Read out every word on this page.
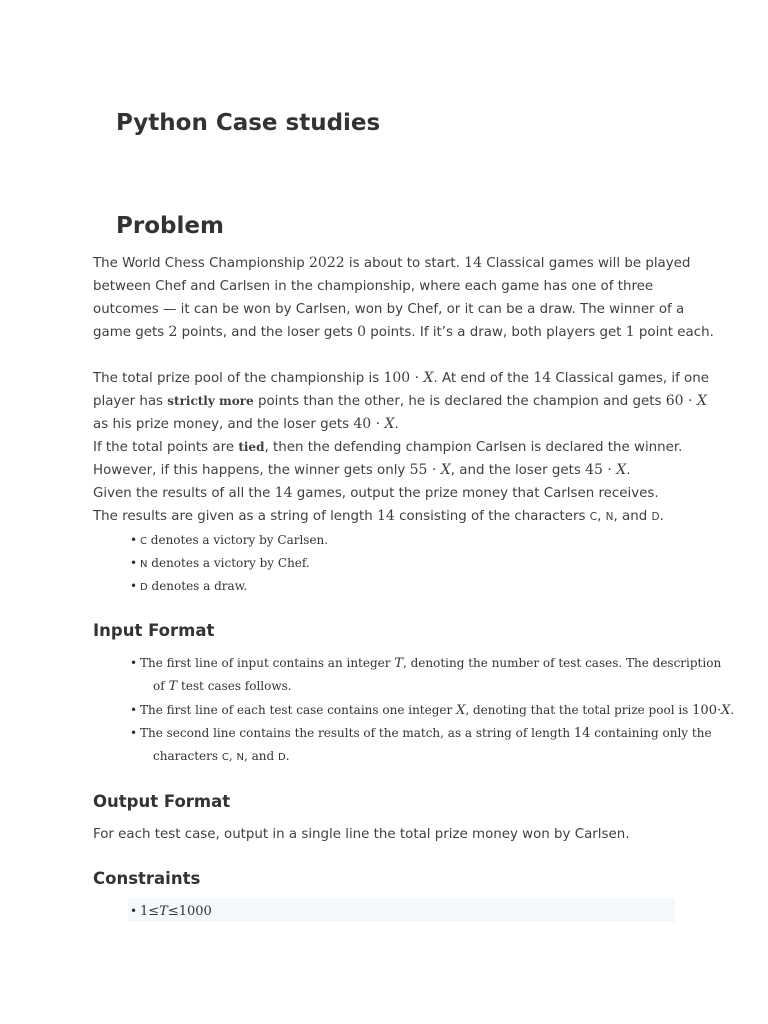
Python Case studies
Problem
The World Chess Championship 2022 is about to start. 14 Classical games will be played
between Chef and Carlsen in the championship, where each game has one of three
outcomes — it can be won by Carlsen, won by Chef, or it can be a draw. The winner of a
game gets 2 points, and the loser gets 0 points. If it’s a draw, both players get 1 point each.
The total prize pool of the championship is 100 · X. At end of the 14 Classical games, if one
player has strictly more points than the other, he is declared the champion and gets 60 · X
as his prize money, and the loser gets 40 · X.
If the total points are tied, then the defending champion Carlsen is declared the winner.
However, if this happens, the winner gets only 55 · X, and the loser gets 45 · X.
Given the results of all the 14 games, output the prize money that Carlsen receives.
The results are given as a string of length 14 consisting of the characters C, N, and D.
• C denotes a victory by Carlsen.
• N denotes a victory by Chef.
• D denotes a draw.
Input Format
• The first line of input contains an integer T, denoting the number of test cases. The description
of T test cases follows.
• The first line of each test case contains one integer X, denoting that the total prize pool is 100·X.
• The second line contains the results of the match, as a string of length 14 containing only the
characters C, N, and D.
Output Format
For each test case, output in a single line the total prize money won by Carlsen.
Constraints
• 1≤T≤1000
